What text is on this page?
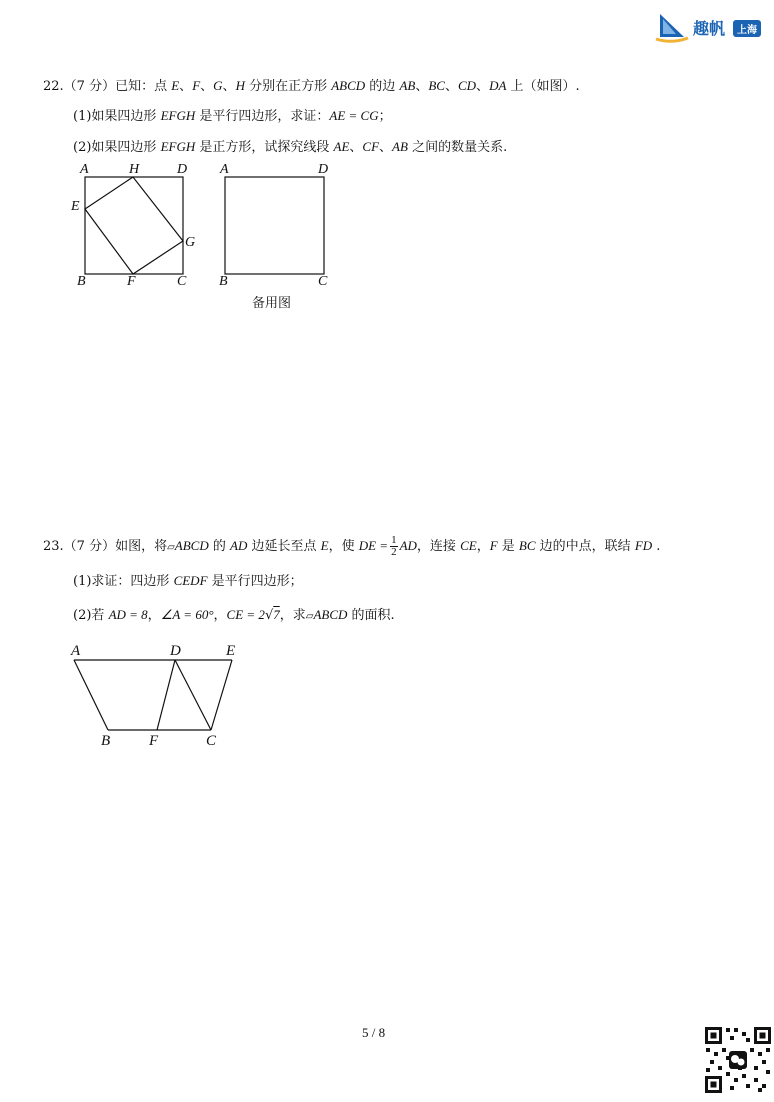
趣帆	上海
22.（7 分）已知：点 E、F、G、H 分别在正方形 ABCD 的边 AB、BC、CD、DA 上（如图）.
(1)如果四边形 EFGH 是平行四边形，求证：AE = CG；
(2)如果四边形 EFGH 是正方形，试探究线段 AE、CF、AB 之间的数量关系.
A	H	D
E
G
B	F	C
A	D
B	C
备用图
23.（7 分）如图，将▱ABCD 的 AD 边延长至点 E，使 DE = $\frac{1}{2}$ AD，连接 CE，F 是 BC 边的中点，联结 FD .
(1)求证：四边形 CEDF 是平行四边形；
(2)若 AD = 8，∠A = 60°，CE = 2√7，求▱ABCD 的面积.
A	D	E
B	F	C
5 / 8
